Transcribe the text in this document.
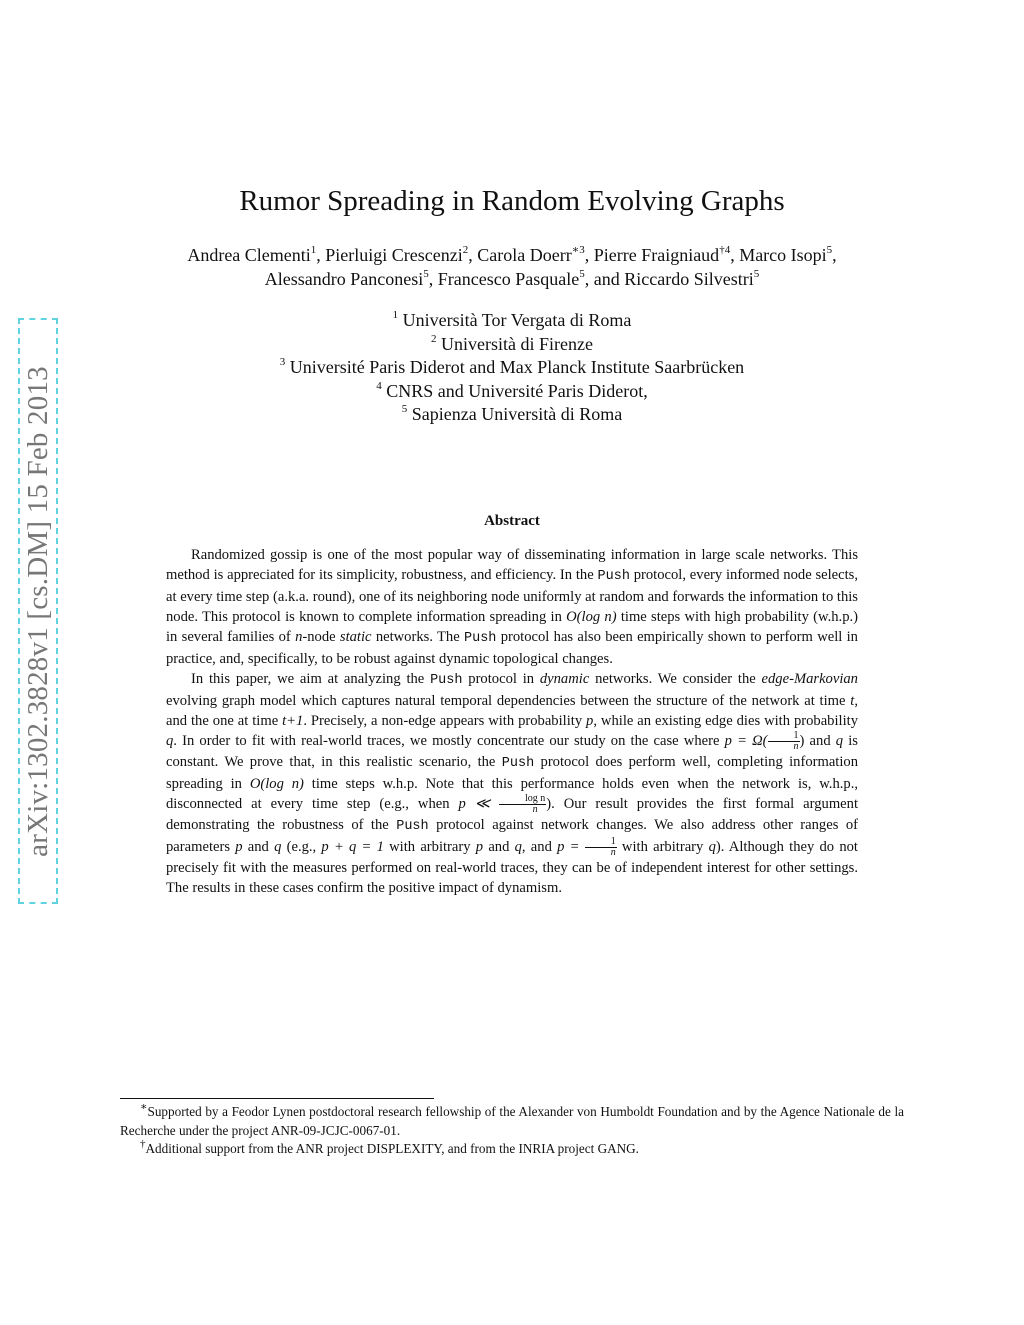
arXiv:1302.3828v1 [cs.DM] 15 Feb 2013
Rumor Spreading in Random Evolving Graphs
Andrea Clementi$^1$, Pierluigi Crescenzi$^2$, Carola Doerr$^{∗3}$, Pierre Fraigniaud$^{\dagger 4}$, Marco Isopi$^5$,
Alessandro Panconesi$^5$, Francesco Pasquale$^5$, and Riccardo Silvestri$^5$
$^1$ Università Tor Vergata di Roma
$^2$ Università di Firenze
$^3$ Université Paris Diderot and Max Planck Institute Saarbrücken
$^4$ CNRS and Université Paris Diderot,
$^5$ Sapienza Università di Roma
Abstract

Randomized gossip is one of the most popular way of disseminating information in large scale networks. This method is appreciated for its simplicity, robustness, and efficiency. In the Push protocol, every informed node selects, at every time step (a.k.a. round), one of its neighboring node uniformly at random and forwards the information to this node. This protocol is known to complete information spreading in O(log n) time steps with high probability (w.h.p.) in several families of n-node static networks. The Push protocol has also been empirically shown to perform well in practice, and, specifically, to be robust against dynamic topological changes.

In this paper, we aim at analyzing the Push protocol in dynamic networks. We consider the edge-Markovian evolving graph model which captures natural temporal dependencies between the structure of the network at time t, and the one at time t+1. Precisely, a non-edge appears with probability p, while an existing edge dies with probability q. In order to fit with real-world traces, we mostly concentrate our study on the case where $p = \Omega( \frac{1}{n}$ ) and q is constant. We prove that, in this realistic scenario, the Push protocol does perform well, completing information spreading in O(log n) time steps w.h.p. Note that this performance holds even when the network is, w.h.p., disconnected at every time step (e.g., when p ≪ $\frac{\text{log n}}{n}$ ). Our result provides the first formal argument demonstrating the robustness of the Push protocol against network changes. We also address other ranges of parameters p and q (e.g., p + q = 1 with arbitrary p and q, and $p = \frac{1}{n}$ with arbitrary q). Although they do not precisely fit with the measures performed on real-world traces, they can be of independent interest for other settings. The results in these cases confirm the positive impact of dynamism.

∗Supported by a Feodor Lynen postdoctoral research fellowship of the Alexander von Humboldt Foundation and by the Agence Nationale de la Recherche under the project ANR-09-JCJC-0067-01.

†Additional support from the ANR project DISPLEXITY, and from the INRIA project GANG.
